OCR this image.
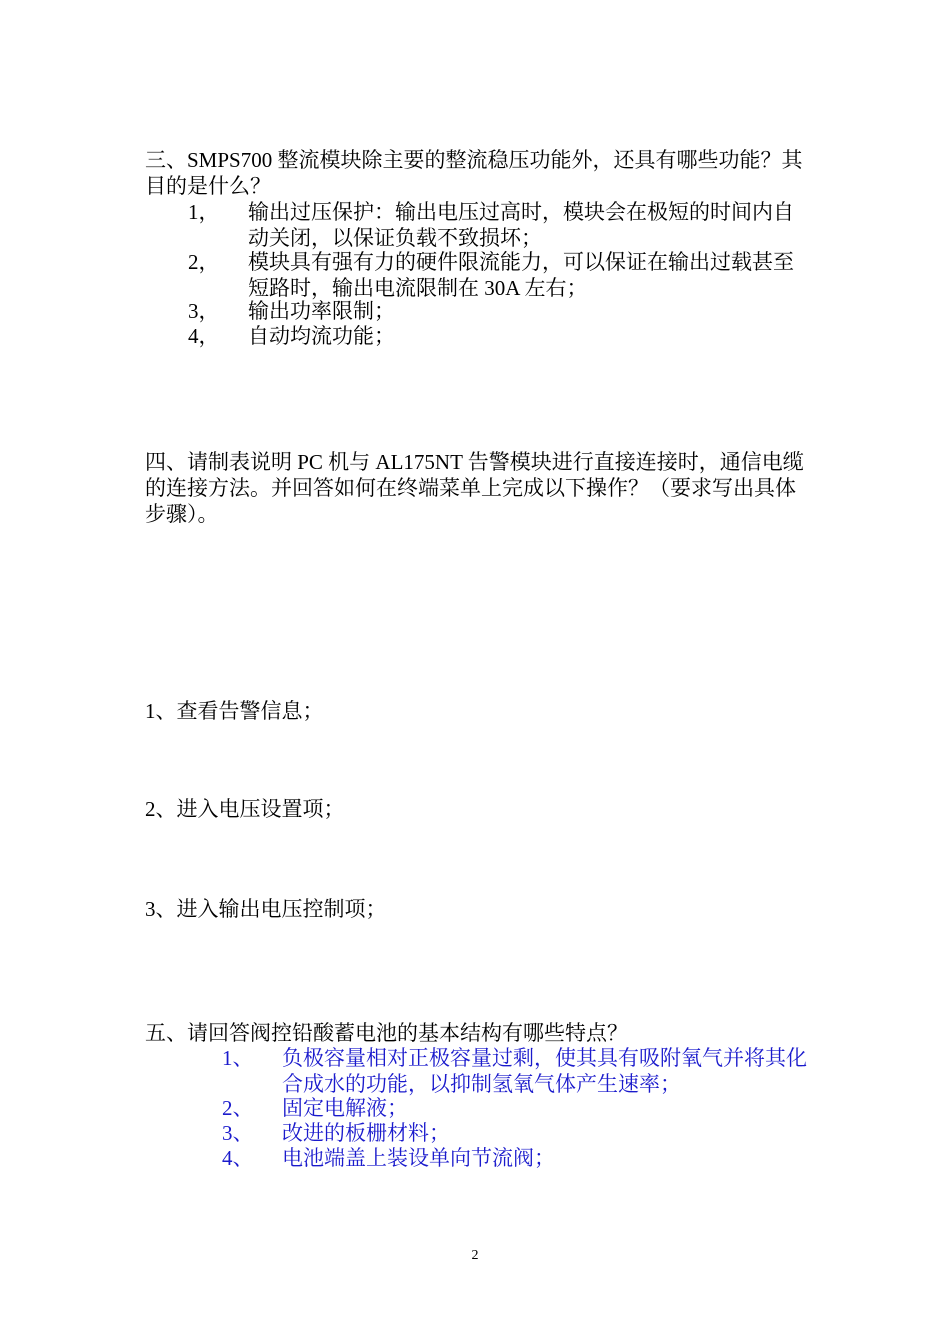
三、SMPS700 整流模块除主要的整流稳压功能外，还具有哪些功能？其目的是什么？

1， 输出过压保护：输出电压过高时，模块会在极短的时间内自动关闭，以保证负载不致损坏；
2， 模块具有强有力的硬件限流能力，可以保证在输出过载甚至短路时，输出电流限制在 30A 左右；
3， 输出功率限制；
4， 自动均流功能；

四、请制表说明 PC 机与 AL175NT 告警模块进行直接连接时，通信电缆的连接方法。并回答如何在终端菜单上完成以下操作？（要求写出具体步骤）。

1、查看告警信息；

2、进入电压设置项；

3、进入输出电压控制项；

五、请回答阀控铅酸蓄电池的基本结构有哪些特点？

1、 负极容量相对正极容量过剩，使其具有吸附氧气并将其化合成水的功能，以抑制氢氧气体产生速率；
2、 固定电解液；
3、 改进的板栅材料；
4、 电池端盖上装设单向节流阀；
2
